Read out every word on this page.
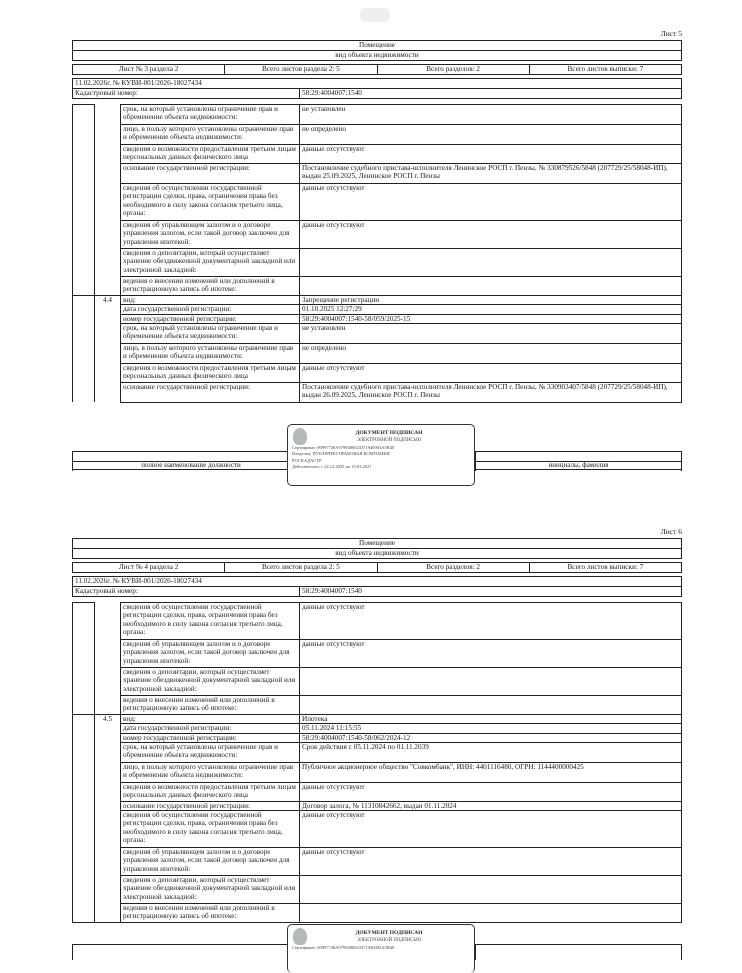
Лист 5
Помещение
вид объекта недвижимости
Лист № 3 раздела 2	Всего листов раздела 2: 5	Всего разделов: 2	Всего листов выписки: 7
11.02.2026г. № КУВИ-001/2026-18027434
Кадастровый номер:	58:29:4004007:1540
		срок, на который установлены ограничение прав и обременение объекта недвижимости:	не установлен
		лицо, в пользу которого установлены ограничение прав и обременение объекта недвижимости:	не определено
		сведения о возможности предоставления третьим лицам персональных данных физического лица	данные отсутствуют
		основание государственной регистрации:	Постановление судебного пристава-исполнителя Ленинское РОСП г. Пензы, № 330879526/5848 (207729/25/58048-ИП), выдан 25.09.2025, Ленинское РОСП г. Пензы
		сведения об осуществлении государственной регистрации сделки, права, ограничения права без необходимого в силу закона согласия третьего лица, органа:	данные отсутствуют
		сведения об управляющем залогом и о договоре управления залогом, если такой договор заключен для управления ипотекой:	данные отсутствуют
		сведения о депозитарии, который осуществляет хранение обездвиженной документарной закладной или электронной закладной:	
		ведения о внесении изменений или дополнений в регистрационную запись об ипотеке:	
	4.4	вид:	Запрещение регистрации
		дата государственной регистрации:	01.10.2025 12:27:29
		номер государственной регистрации:	58:29:4004007:1540-58/059/2025-15
		срок, на который установлены ограничение прав и обременение объекта недвижимости:	не установлен
		лицо, в пользу которого установлены ограничение прав и обременение объекта недвижимости:	не определено
		сведения о возможности предоставления третьим лицам персональных данных физического лица	данные отсутствуют
		основание государственной регистрации:	Постановление судебного пристава-исполнителя Ленинское РОСП г. Пензы, № 330903407/5848 (207729/25/58048-ИП), выдан 26.09.2025, Ленинское РОСП г. Пензы
полное наименование должности	инициалы, фамилия
ДОКУМЕНТ ПОДПИСАН
ЭЛЕКТРОННОЙ ПОДПИСЬЮ
Сертификат: 00997748A9799480023371940003A5B40
Владелец: ПУБЛИЧНО-ПРАВОВАЯ КОМПАНИЯ
РОСКАДАСТР
Действителен: с 24.12.2025 по 19.03.2027
Лист 6
Помещение
вид объекта недвижимости
Лист № 4 раздела 2	Всего листов раздела 2: 5	Всего разделов: 2	Всего листов выписки: 7
11.02.2026г. № КУВИ-001/2026-18027434
Кадастровый номер:	58:29:4004007:1540
		сведения об осуществлении государственной регистрации сделки, права, ограничения права без необходимого в силу закона согласия третьего лица, органа:	данные отсутствуют
		сведения об управляющем залогом и о договоре управления залогом, если такой договор заключен для управления ипотекой:	данные отсутствуют
		сведения о депозитарии, который осуществляет хранение обездвиженной документарной закладной или электронной закладной:	
		ведения о внесении изменений или дополнений в регистрационную запись об ипотеке:	
	4.5	вид:	Ипотека
		дата государственной регистрации:	05.11.2024 11:15:55
		номер государственной регистрации:	58:29:4004007:1540-58/062/2024-12
		срок, на который установлены ограничение прав и обременение объекта недвижимости:	Срок действия с 05.11.2024 по 01.11.2039
		лицо, в пользу которого установлены ограничение прав и обременение объекта недвижимости:	Публичное акционерное общество "Совкомбанк", ИНН: 4401116480, ОГРН: 1144400000425
		сведения о возможности предоставления третьим лицам персональных данных физического лица	данные отсутствуют
		основание государственной регистрации:	Договор залога, № 11310842662, выдан 01.11.2024
		сведения об осуществлении государственной регистрации сделки, права, ограничения права без необходимого в силу закона согласия третьего лица, органа:	данные отсутствуют
		сведения об управляющем залогом и о договоре управления залогом, если такой договор заключен для управления ипотекой:	данные отсутствуют
		сведения о депозитарии, который осуществляет хранение обездвиженной документарной закладной или электронной закладной:	
		ведения о внесении изменений или дополнений в регистрационную запись об ипотеке:	
ДОКУМЕНТ ПОДПИСАН
ЭЛЕКТРОННОЙ ПОДПИСЬЮ
Сертификат: 00997748A9799480023371940003A5B40
